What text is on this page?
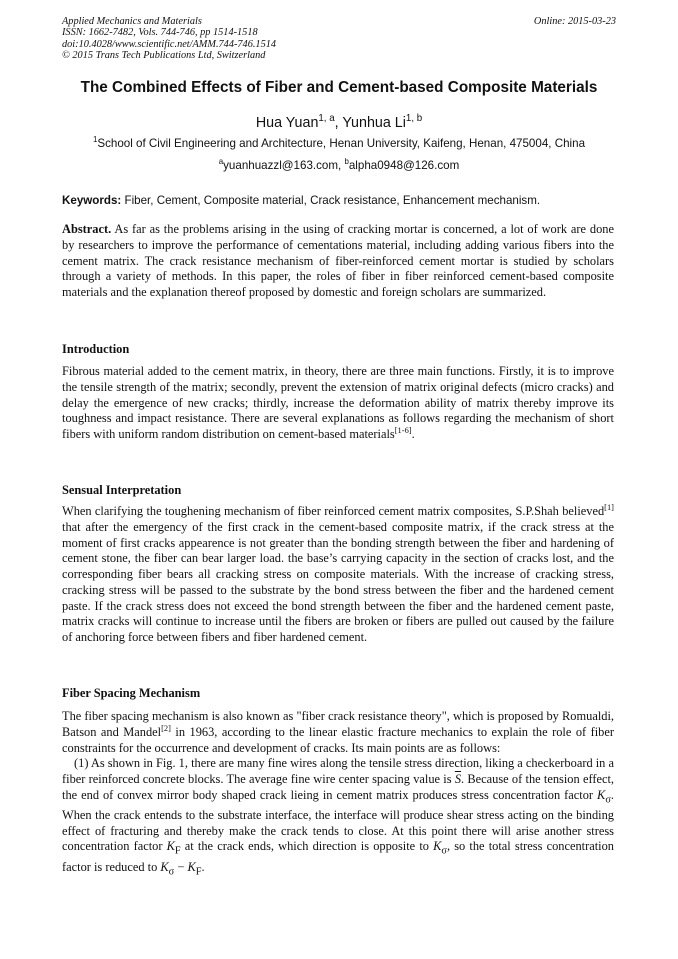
Applied Mechanics and Materials
ISSN: 1662-7482, Vols. 744-746, pp 1514-1518
doi:10.4028/www.scientific.net/AMM.744-746.1514
© 2015 Trans Tech Publications Ltd, Switzerland
Online: 2015-03-23
The Combined Effects of Fiber and Cement-based Composite Materials
Hua Yuan$^{1, a}$, Yunhua Li$^{1, b}$
$^1$School of Civil Engineering and Architecture, Henan University, Kaifeng, Henan, 475004, China
$^a$yuanhuazzl@163.com, $^b$alpha0948@126.com
Keywords: Fiber, Cement, Composite material, Crack resistance, Enhancement mechanism.
Abstract. As far as the problems arising in the using of cracking mortar is concerned, a lot of work are done by researchers to improve the performance of cementations material, including adding various fibers into the cement matrix. The crack resistance mechanism of fiber-reinforced cement mortar is studied by scholars through a variety of methods. In this paper, the roles of fiber in fiber reinforced cement-based composite materials and the explanation thereof proposed by domestic and foreign scholars are summarized.
Introduction
Fibrous material added to the cement matrix, in theory, there are three main functions. Firstly, it is to improve the tensile strength of the matrix; secondly, prevent the extension of matrix original defects (micro cracks) and delay the emergence of new cracks; thirdly, increase the deformation ability of matrix thereby improve its toughness and impact resistance. There are several explanations as follows regarding the mechanism of short fibers with uniform random distribution on cement-based materials[1-6].
Sensual Interpretation
When clarifying the toughening mechanism of fiber reinforced cement matrix composites, S.P.Shah believed[1] that after the emergency of the first crack in the cement-based composite matrix, if the crack stress at the moment of first cracks appearence is not greater than the bonding strength between the fiber and hardening of cement stone, the fiber can bear larger load. the base’s carrying capacity in the section of cracks lost, and the corresponding fiber bears all cracking stress on composite materials. With the increase of cracking stress, cracking stress will be passed to the substrate by the bond stress between the fiber and the hardened cement paste. If the crack stress does not exceed the bond strength between the fiber and the hardened cement paste, matrix cracks will continue to increase until the fibers are broken or fibers are pulled out caused by the failure of anchoring force between fibers and fiber hardened cement.
Fiber Spacing Mechanism

The fiber spacing mechanism is also known as "fiber crack resistance theory", which is proposed by Romualdi, Batson and Mandel[2] in 1963, according to the linear elastic fracture mechanics to explain the role of fiber constraints for the occurrence and development of cracks. Its main points are as follows:

(1) As shown in Fig. 1, there are many fine wires along the tensile stress direction, liking a checkerboard in a fiber reinforced concrete blocks. The average fine wire center spacing value is $\overline{S}$. Because of the tension effect, the end of convex mirror body shaped crack lieing in cement matrix produces stress concentration factor $K_\sigma$. When the crack entends to the substrate interface, the interface will produce shear stress acting on the binding effect of fracturing and thereby make the crack tends to close. At this point there will arise another stress concentration factor $K_F$ at the crack ends, which direction is opposite to $K_\sigma$, so the total stress concentration factor is reduced to $K_\sigma - K_F$.
